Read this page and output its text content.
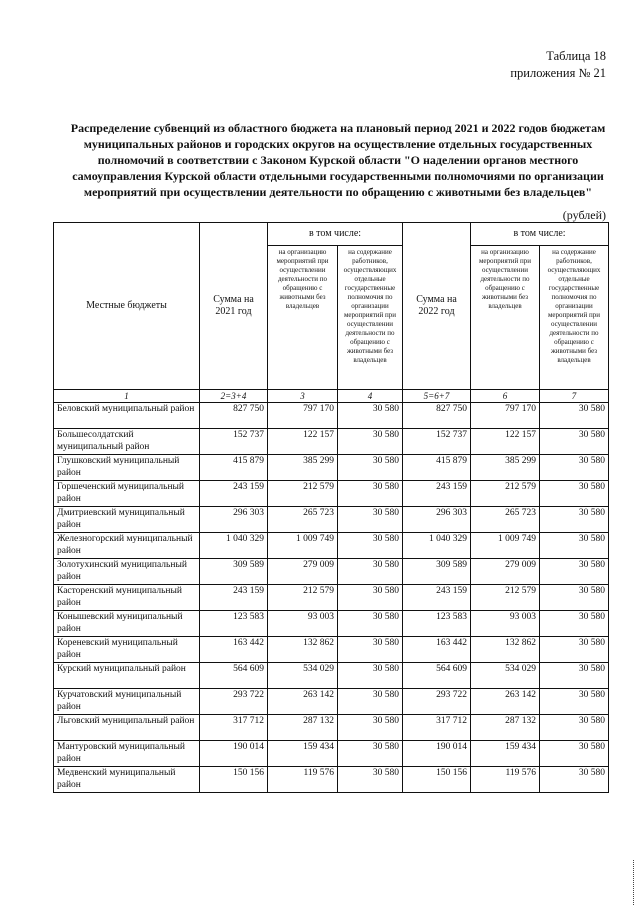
Таблица 18
приложения № 21
Распределение субвенций из областного бюджета на плановый период 2021 и 2022 годов бюджетам муниципальных районов и городских округов на осуществление отдельных государственных полномочий в соответствии с Законом Курской области "О наделении органов местного самоуправления Курской области отдельными государственными полномочиями по организации мероприятий при осуществлении деятельности по обращению с животными без владельцев"
(рублей)
Местные бюджеты	Сумма на 2021 год	в том числе:		Сумма на 2022 год	в том числе:	
		на организацию мероприятий при осуществлении деятельности по обращению с животными без владельцев	на содержание работников, осуществляющих отдельные государственные полномочия по организации мероприятий при осуществлении деятельности по обращению с животными без владельцев		на организацию мероприятий при осуществлении деятельности по обращению с животными без владельцев	на содержание работников, осуществляющих отдельные государственные полномочия по организации мероприятий при осуществлении деятельности по обращению с животными без владельцев
1	2=3+4	3	4	5=6+7	6	7
Беловский муниципальный район	827 750	797 170	30 580	827 750	797 170	30 580
Большесолдатский муниципальный район	152 737	122 157	30 580	152 737	122 157	30 580
Глушковский муниципальный район	415 879	385 299	30 580	415 879	385 299	30 580
Горшеченский муниципальный район	243 159	212 579	30 580	243 159	212 579	30 580
Дмитриевский муниципальный район	296 303	265 723	30 580	296 303	265 723	30 580
Железногорский муниципальный район	1 040 329	1 009 749	30 580	1 040 329	1 009 749	30 580
Золотухинский муниципальный район	309 589	279 009	30 580	309 589	279 009	30 580
Касторенский муниципальный район	243 159	212 579	30 580	243 159	212 579	30 580
Конышевский муниципальный район	123 583	93 003	30 580	123 583	93 003	30 580
Кореневский муниципальный район	163 442	132 862	30 580	163 442	132 862	30 580
Курский муниципальный район	564 609	534 029	30 580	564 609	534 029	30 580
Курчатовский муниципальный район	293 722	263 142	30 580	293 722	263 142	30 580
Льговский муниципальный район	317 712	287 132	30 580	317 712	287 132	30 580
Мантуровский муниципальный район	190 014	159 434	30 580	190 014	159 434	30 580
Медвенский муниципальный район	150 156	119 576	30 580	150 156	119 576	30 580
